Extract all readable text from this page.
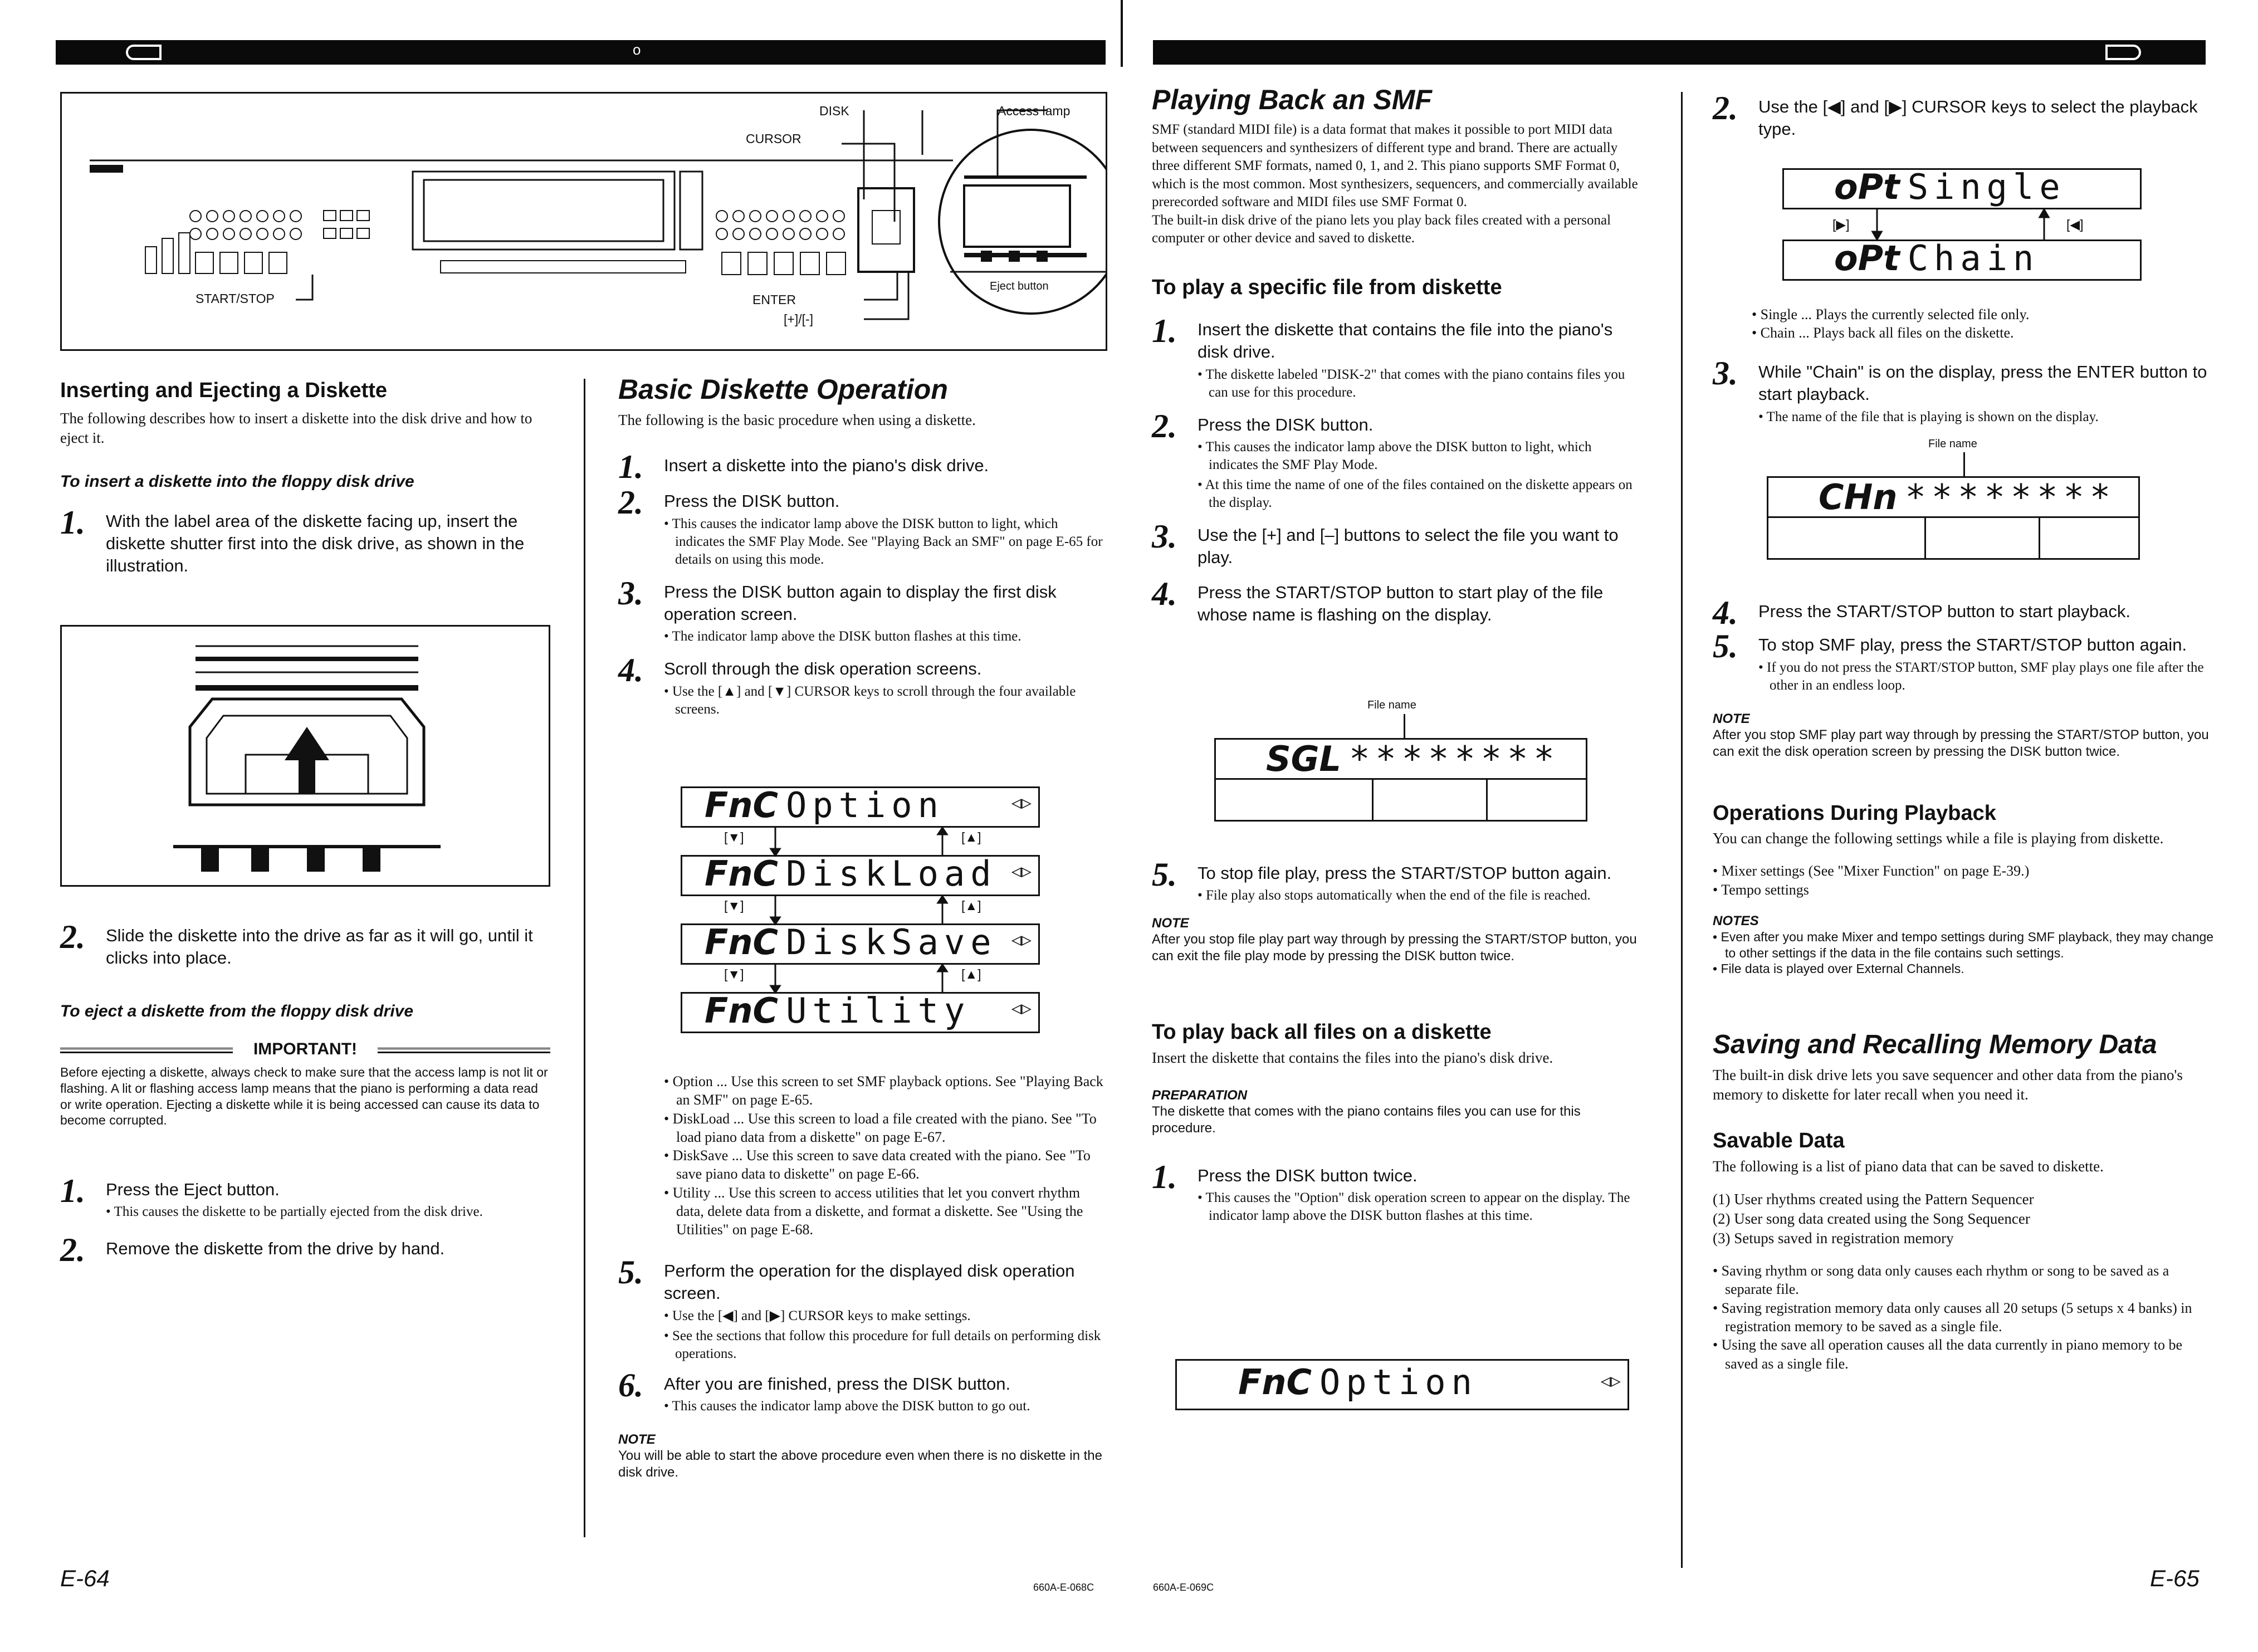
o
DISK
CURSOR
Access lamp
START/STOP	ENTER
[+]/[-]
Eject button
Inserting and Ejecting a Diskette
The following describes how to insert a diskette into the disk drive and how to eject it.
To insert a diskette into the floppy disk drive
1. With the label area of the diskette facing up, insert the diskette shutter first into the disk drive, as shown in the illustration.
2. Slide the diskette into the drive as far as it will go, until it clicks into place.
To eject a diskette from the floppy disk drive
IMPORTANT!
Before ejecting a diskette, always check to make sure that the access lamp is not lit or flashing. A lit or flashing access lamp means that the piano is performing a data read or write operation. Ejecting a diskette while it is being accessed can cause its data to become corrupted.
1. Press the Eject button.
• This causes the diskette to be partially ejected from the disk drive.
2. Remove the diskette from the drive by hand.
Basic Diskette Operation
The following is the basic procedure when using a diskette.
1. Insert a diskette into the piano's disk drive.
2. Press the DISK button.
• This causes the indicator lamp above the DISK button to light, which indicates the SMF Play Mode. See "Playing Back an SMF" on page E-65 for details on using this mode.
3. Press the DISK button again to display the first disk operation screen.
• The indicator lamp above the DISK button flashes at this time.
4. Scroll through the disk operation screens.
• Use the [▲] and [▼] CURSOR keys to scroll through the four available screens.
FnC Option	◁▷
FnC DiskLoad ◁▷
FnC DiskSave ◁▷
FnC Utility ◁▷
[▼]	[▲]
[▼]	[▲]
[▼]	[▲]
• Option ... Use this screen to set SMF playback options. See "Playing Back an SMF" on page E-65.
• DiskLoad ... Use this screen to load a file created with the piano. See "To load piano data from a diskette" on page E-67.
• DiskSave ... Use this screen to save data created with the piano. See "To save piano data to diskette" on page E-66.
• Utility ... Use this screen to access utilities that let you convert rhythm data, delete data from a diskette, and format a diskette. See "Using the Utilities" on page E-68.
5. Perform the operation for the displayed disk operation screen.
• Use the [◀] and [▶] CURSOR keys to make settings.
• See the sections that follow this procedure for full details on performing disk operations.
6. After you are finished, press the DISK button.
• This causes the indicator lamp above the DISK button to go out.
NOTE
You will be able to start the above procedure even when there is no diskette in the disk drive.
E-64	660A-E-068C
Playing Back an SMF
SMF (standard MIDI file) is a data format that makes it possible to port MIDI data between sequencers and synthesizers of different type and brand. There are actually three different SMF formats, named 0, 1, and 2. This piano supports SMF Format 0, which is the most common. Most synthesizers, sequencers, and commercially available prerecorded software and MIDI files use SMF Format 0.
The built-in disk drive of the piano lets you play back files created with a personal computer or other device and saved to diskette.
To play a specific file from diskette
1. Insert the diskette that contains the file into the piano's disk drive.
• The diskette labeled "DISK-2" that comes with the piano contains files you can use for this procedure.
2. Press the DISK button.
• This causes the indicator lamp above the DISK button to light, which indicates the SMF Play Mode.
• At this time the name of one of the files contained on the diskette appears on the display.
3. Use the [+] and [–] buttons to select the file you want to play.
4. Press the START/STOP button to start play of the file whose name is flashing on the display.
File name
SGL ********
5. To stop file play, press the START/STOP button again.
• File play also stops automatically when the end of the file is reached.
NOTE
After you stop file play part way through by pressing the START/STOP button, you can exit the file play mode by pressing the DISK button twice.
To play back all files on a diskette
Insert the diskette that contains the files into the piano's disk drive.
PREPARATION
The diskette that comes with the piano contains files you can use for this procedure.
1. Press the DISK button twice.
• This causes the "Option" disk operation screen to appear on the display. The indicator lamp above the DISK button flashes at this time.
FnC Option	◁▷
660A-E-069C
2. Use the [◀] and [▶] CURSOR keys to select the playback type.
oPt Single
oPt Chain
[▶]	[◀]
• Single ... Plays the currently selected file only.
• Chain ... Plays back all files on the diskette.
3. While "Chain" is on the display, press the ENTER button to start playback.
• The name of the file that is playing is shown on the display.
File name
CHn ********
4. Press the START/STOP button to start playback.
5. To stop SMF play, press the START/STOP button again.
• If you do not press the START/STOP button, SMF play plays one file after the other in an endless loop.
NOTE
After you stop SMF play part way through by pressing the START/STOP button, you can exit the disk operation screen by pressing the DISK button twice.
Operations During Playback
You can change the following settings while a file is playing from diskette.
• Mixer settings (See "Mixer Function" on page E-39.)
• Tempo settings
NOTES
• Even after you make Mixer and tempo settings during SMF playback, they may change to other settings if the data in the file contains such settings.
• File data is played over External Channels.
Saving and Recalling Memory Data
The built-in disk drive lets you save sequencer and other data from the piano's memory to diskette for later recall when you need it.
Savable Data
The following is a list of piano data that can be saved to diskette.
(1) User rhythms created using the Pattern Sequencer
(2) User song data created using the Song Sequencer
(3) Setups saved in registration memory
• Saving rhythm or song data only causes each rhythm or song to be saved as a separate file.
• Saving registration memory data only causes all 20 setups (5 setups x 4 banks) in registration memory to be saved as a single file.
• Using the save all operation causes all the data currently in piano memory to be saved as a single file.
E-65
